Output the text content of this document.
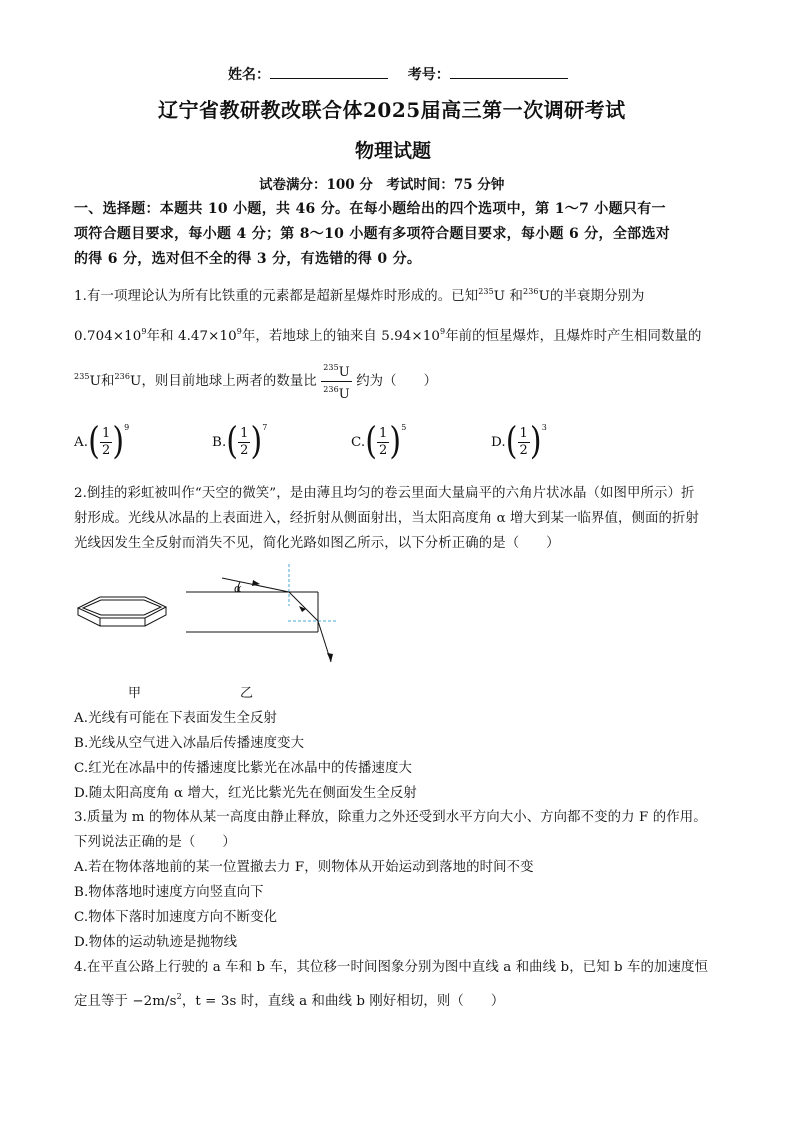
姓名：	考号：
辽宁省教研教改联合体2025届高三第一次调研考试
物理试题
试卷满分：100 分　考试时间：75 分钟
一、选择题：本题共 10 小题，共 46 分。在每小题给出的四个选项中，第 1～7 小题只有一
项符合题目要求，每小题 4 分；第 8～10 小题有多项符合题目要求，每小题 6 分，全部选对
的得 6 分，选对但不全的得 3 分，有选错的得 0 分。
1.有一项理论认为所有比铁重的元素都是超新星爆炸时形成的。已知$^{235}$U 和$^{236}$U的半衰期分别为
$0.704\times 10^9$年和 $4.47\times 10^9$年，若地球上的铀来自 $5.94\times 10^9$年前的恒星爆炸，且爆炸时产生相同数量的
$^{235}$U和$^{236}$U，则目前地球上两者的数量比 $\frac{^{235}U}{^{236}U}$ 约为（　　）
A. ( $\frac{1}{2}$ ) 9
B. ( $\frac{1}{2}$ ) 7
C. ( $\frac{1}{2}$ ) 5
D. ( $\frac{1}{2}$ ) 3
2.倒挂的彩虹被叫作“天空的微笑”，是由薄且均匀的卷云里面大量扁平的六角片状冰晶（如图甲所示）折
射形成。光线从冰晶的上表面进入，经折射从侧面射出，当太阳高度角 α 增大到某一临界值，侧面的折射
光线因发生全反射而消失不见，简化光路如图乙所示，以下分析正确的是（　　）
甲
α
乙
A.光线有可能在下表面发生全反射
B.光线从空气进入冰晶后传播速度变大
C.红光在冰晶中的传播速度比紫光在冰晶中的传播速度大
D.随太阳高度角 α 增大，红光比紫光先在侧面发生全反射
3.质量为 m 的物体从某一高度由静止释放，除重力之外还受到水平方向大小、方向都不变的力 F 的作用。
下列说法正确的是（　　）
A.若在物体落地前的某一位置撤去力 F，则物体从开始运动到落地的时间不变
B.物体落地时速度方向竖直向下
C.物体下落时加速度方向不断变化
D.物体的运动轨迹是抛物线
4.在平直公路上行驶的 a 车和 b 车，其位移一时间图象分别为图中直线 a 和曲线 b，已知 b 车的加速度恒
定且等于 $-2m/s^2$，t = 3s 时，直线 a 和曲线 b 刚好相切，则（　　）
